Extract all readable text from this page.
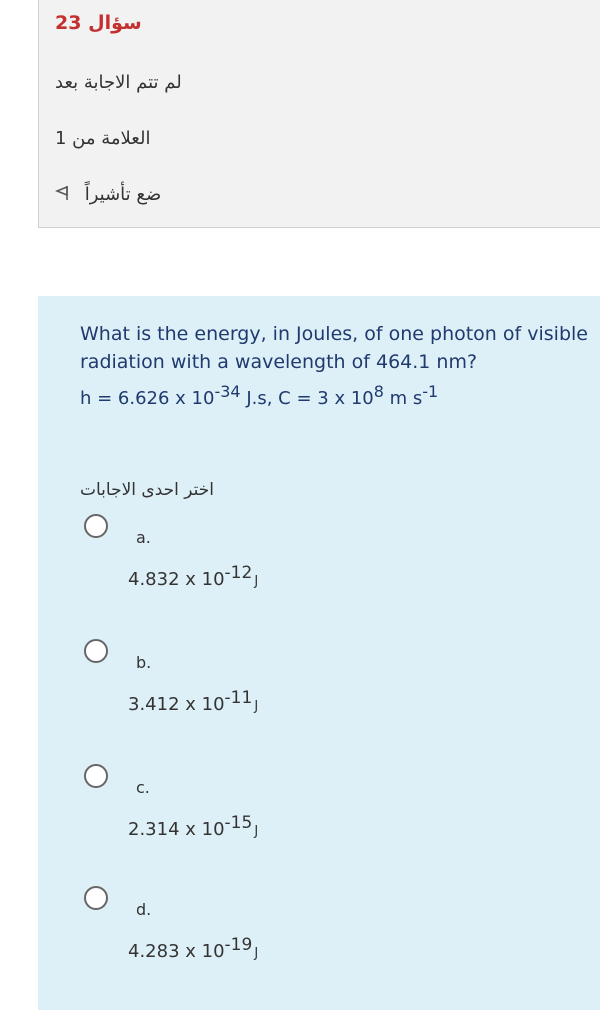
سؤال 23
لم تتم الاجابة بعد
العلامة من 1
ضع تأشيراً
What is the energy, in Joules, of one photon of visible radiation with a wavelength of 464.1 nm?
h = 6.626 x $10^{-34}$ J.s, C = 3 x $10^8$ m $s^{-1}$
اختر احدى الاجابات
a.
4.832 x $10^{-12}$ J
b.
3.412 x $10^{-11}$ J
c.
2.314 x $10^{-15}$ J
d.
4.283 x $10^{-19}$ J
